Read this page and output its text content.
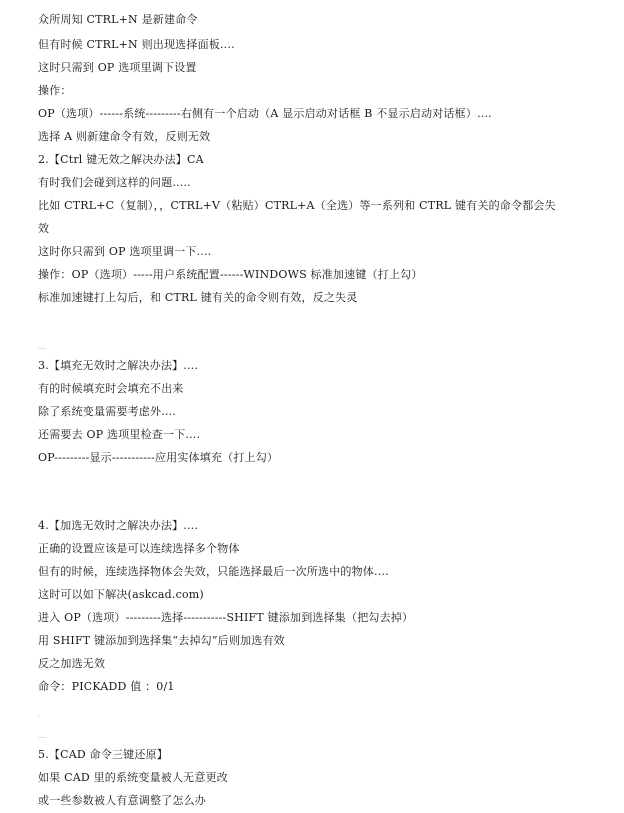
众所周知 CTRL+N 是新建命令
但有时候 CTRL+N 则出现选择面板....
这时只需到 OP 选项里调下设置
操作：
OP（选项）------系统---------右侧有一个启动（A 显示启动对话框 B 不显示启动对话框）....
选择 A 则新建命令有效，反则无效
2.【Ctrl 键无效之解决办法】CA
有时我们会碰到这样的问题.....
比如 CTRL+C（复制），，CTRL+V（粘贴）CTRL+A（全选）等一系列和 CTRL 键有关的命令都会失
效
这时你只需到 OP 选项里调一下....
操作：OP（选项）-----用户系统配置------WINDOWS 标准加速键（打上勾）
标准加速键打上勾后，和 CTRL 键有关的命令则有效，反之失灵
....
3.【填充无效时之解决办法】....
有的时候填充时会填充不出来
除了系统变量需要考虑外....
还需要去 OP 选项里检查一下....
OP---------显示-----------应用实体填充（打上勾）
4.【加选无效时之解决办法】....
正确的设置应该是可以连续选择多个物体
但有的时候，连续选择物体会失效，只能选择最后一次所选中的物体....
这时可以如下解决(askcad.com)
进入 OP（选项）---------选择-----------SHIFT 键添加到选择集（把勾去掉）
用 SHIFT 键添加到选择集“去掉勾”后则加选有效
反之加选无效
命令：PICKADD 值 ：0/1
.
....
5.【CAD 命令三键还原】
如果 CAD 里的系统变量被人无意更改
或一些参数被人有意调整了怎么办
